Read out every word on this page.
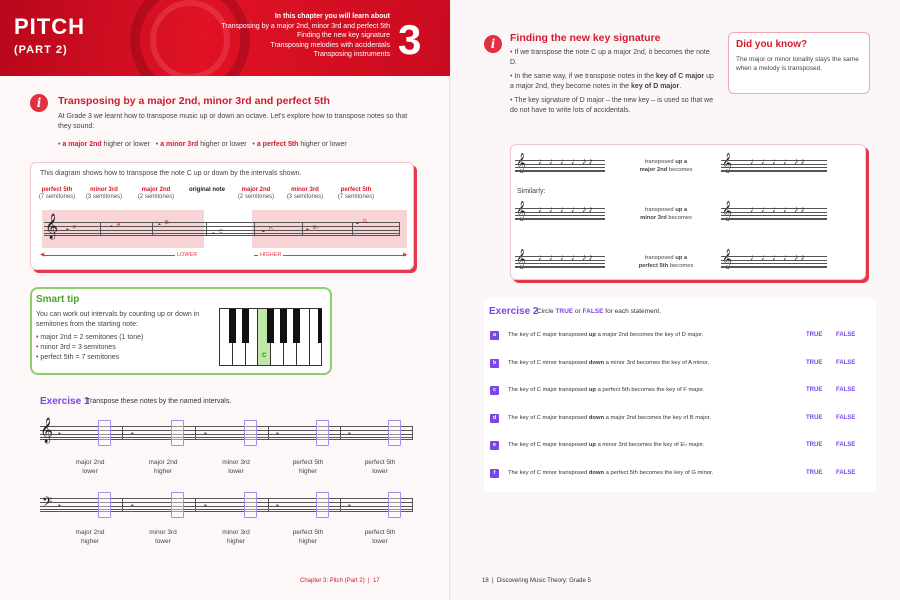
PITCH
(PART 2)
In this chapter you will learn about
Transposing by a major 2nd, minor 3rd and perfect 5th
Finding the new key signature
Transposing melodies with accidentals
Transposing instruments 3
i	Transposing by a major 2nd, minor 3rd and perfect 5th
At Grade 3 we learnt how to transpose music up or down an octave. Let's explore how to transpose notes so that they sound:
• a major 2nd higher or lower • a minor 3rd higher or lower • a perfect 5th higher or lower
This diagram shows how to transpose the note C up or down by the intervals shown.
perfect 5th
(7 semitones)
minor 3rd
(3 semitones)
major 2nd
(2 semitones)
original note	major 2nd
(2 semitones)
minor 3rd
(3 semitones)
perfect 5th
(7 semitones)
𝄞 𝅝 F	𝅝 A	𝅝 B♭
𝅝 C	𝅝 D	𝅝 E♭
𝅝 G
◀	LOWER	HIGHER	▶
Smart tip
You can work out intervals by counting up or down in semitones from the starting note:
• major 2nd = 2 semitones (1 tone)
• minor 3rd = 3 semitones
• perfect 5th = 7 semitones	C
Exercise 1
Transpose these notes by the named intervals.
𝄞
𝄢
𝅝
major 2nd
lower
𝅝
major 2nd
higher
𝅝
minor 3rd
lower
𝅝
perfect 5th
higher
𝅝
perfect 5th
lower
𝅝
major 2nd
higher
𝅝
minor 3rd
lower
𝅝
minor 3rd
higher
𝅝
perfect 5th
higher
𝅝
perfect 5th
lower
Chapter 3: Pitch (Part 2)  |  17	18  |  Discovering Music Theory: Grade 5
i	Finding the new key signature
• If we transpose the note C up a major 2nd, it becomes the note D.
• In the same way, if we transpose notes in the key of C major up a major 2nd, they become notes in the key of D major.
• The key signature of D major – the new key – is used so that we do not have to write lots of accidentals.
Did you know?
The major or minor tonality stays the same when a melody is transposed.
Similarly:
𝄞 ♩♩♩♩♪♪	transposed up a
major 2nd becomes	𝄞 ♩♩♩♩♪♪
𝄞 ♩♩♩♩♪♪	transposed up a
minor 3rd becomes	𝄞 ♩♩♩♩♪♪
𝄞 ♩♩♩♩♪♪	transposed up a
perfect 5th becomes	𝄞 ♩♩♩♩♪♪
Exercise 2
Circle TRUE or FALSE for each statement.
a	The key of C major transposed up a major 2nd becomes the key of D major.	TRUE FALSE
b	The key of C minor transposed down a minor 3rd becomes the key of A minor.	TRUE FALSE
c	The key of C major transposed up a perfect 5th becomes the key of F major.	TRUE FALSE
d	The key of C major transposed down a major 2nd becomes the key of B major.	TRUE FALSE
e	The key of C major transposed up a minor 3rd becomes the key of E♭ major.	TRUE FALSE
f	The key of C minor transposed down a perfect 5th becomes the key of G minor.	TRUE FALSE
